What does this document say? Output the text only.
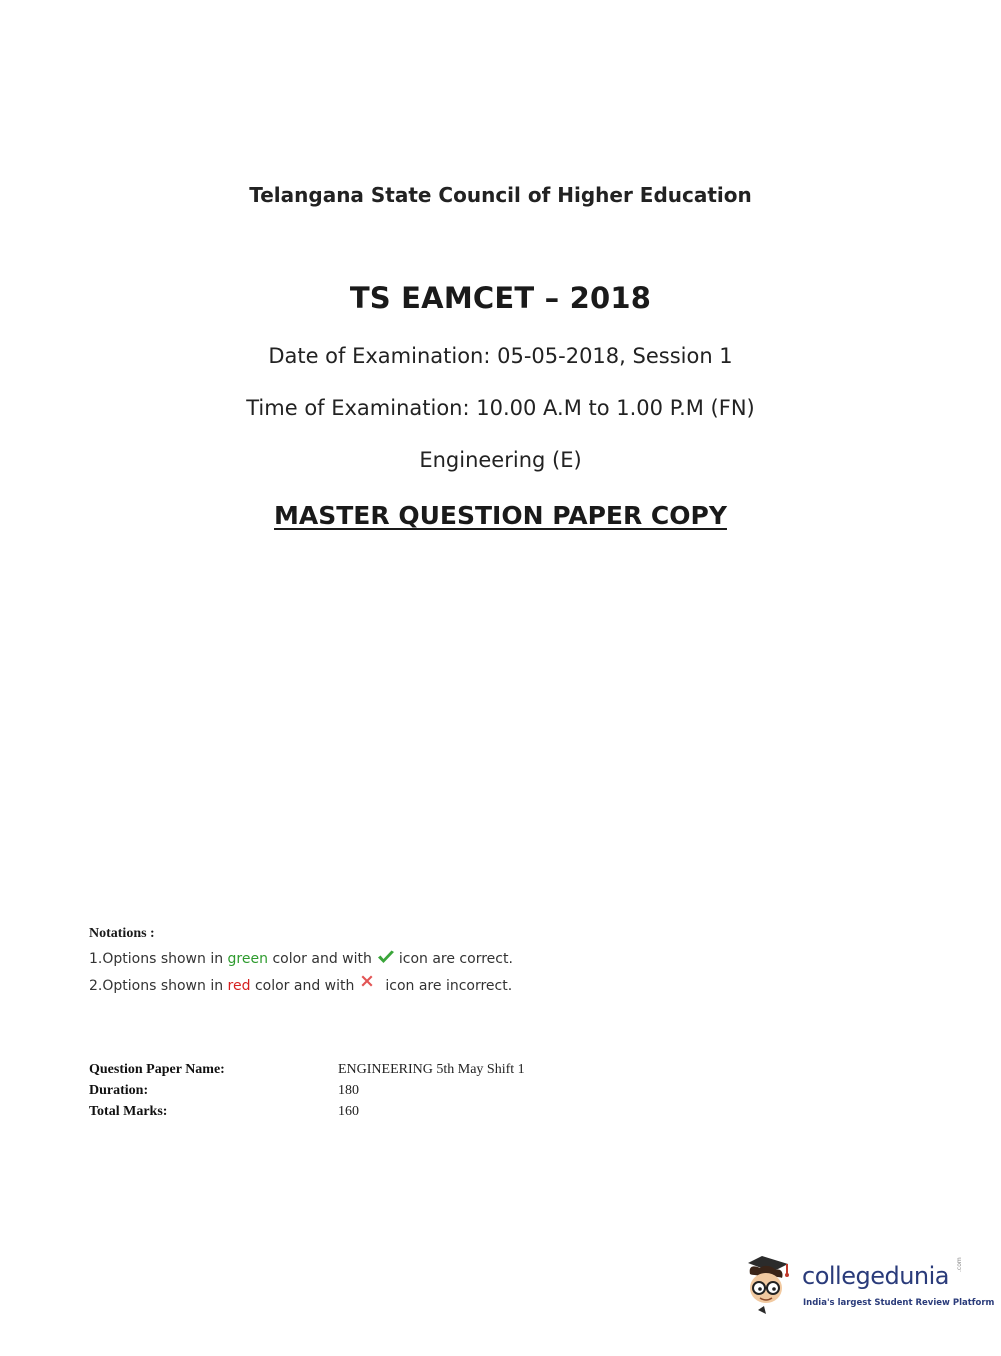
Telangana State Council of Higher Education
TS EAMCET – 2018
Date of Examination: 05-05-2018, Session 1
Time of Examination: 10.00 A.M to 1.00 P.M (FN)
Engineering (E)
MASTER QUESTION PAPER COPY
Notations :
1.Options shown in green color and with icon are correct.
2.Options shown in red color and with icon are incorrect.
Question Paper Name:	ENGINEERING 5th May Shift 1
Duration:	180
Total Marks:	160
collegedunia .com
India's largest Student Review Platform
